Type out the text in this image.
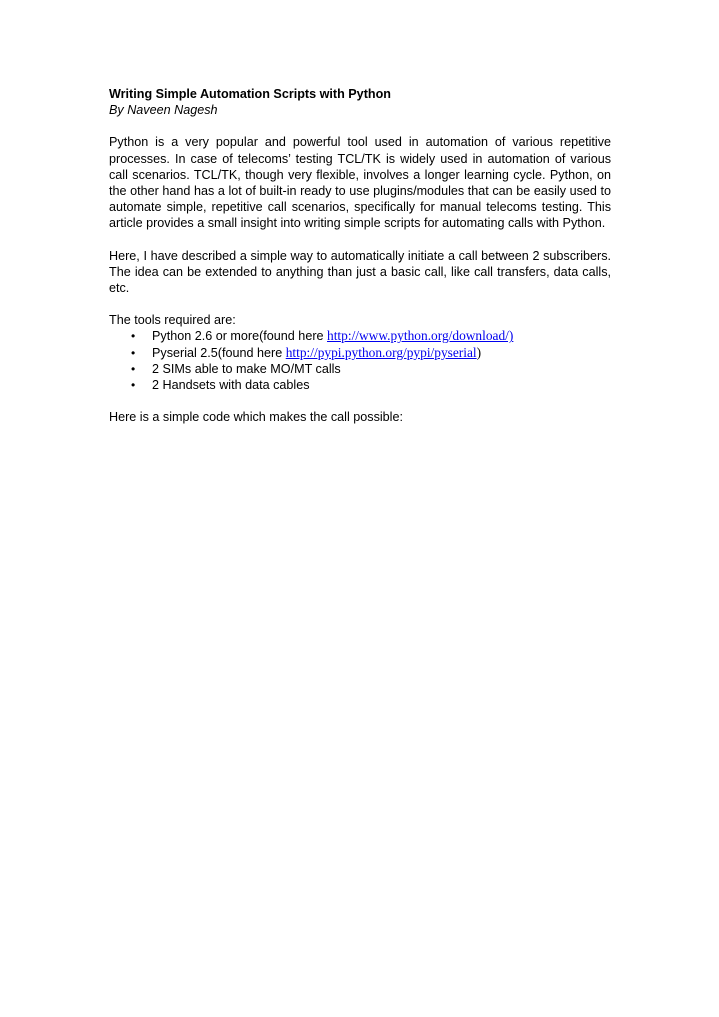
Writing Simple Automation Scripts with Python

By Naveen Nagesh

Python is a very popular and powerful tool used in automation of various repetitive processes. In case of telecoms’ testing TCL/TK is widely used in automation of various call scenarios. TCL/TK, though very flexible, involves a longer learning cycle. Python, on the other hand has a lot of built-in ready to use plugins/modules that can be easily used to automate simple, repetitive call scenarios, specifically for manual telecoms testing. This article provides a small insight into writing simple scripts for automating calls with Python.

Here, I have described a simple way to automatically initiate a call between 2 subscribers. The idea can be extended to anything than just a basic call, like call transfers, data calls, etc.

The tools required are:

• Python 2.6 or more(found here http://www.python.org/download/)
• Pyserial 2.5(found here http://pypi.python.org/pypi/pyserial)
• 2 SIMs able to make MO/MT calls
• 2 Handsets with data cables

Here is a simple code which makes the call possible:
